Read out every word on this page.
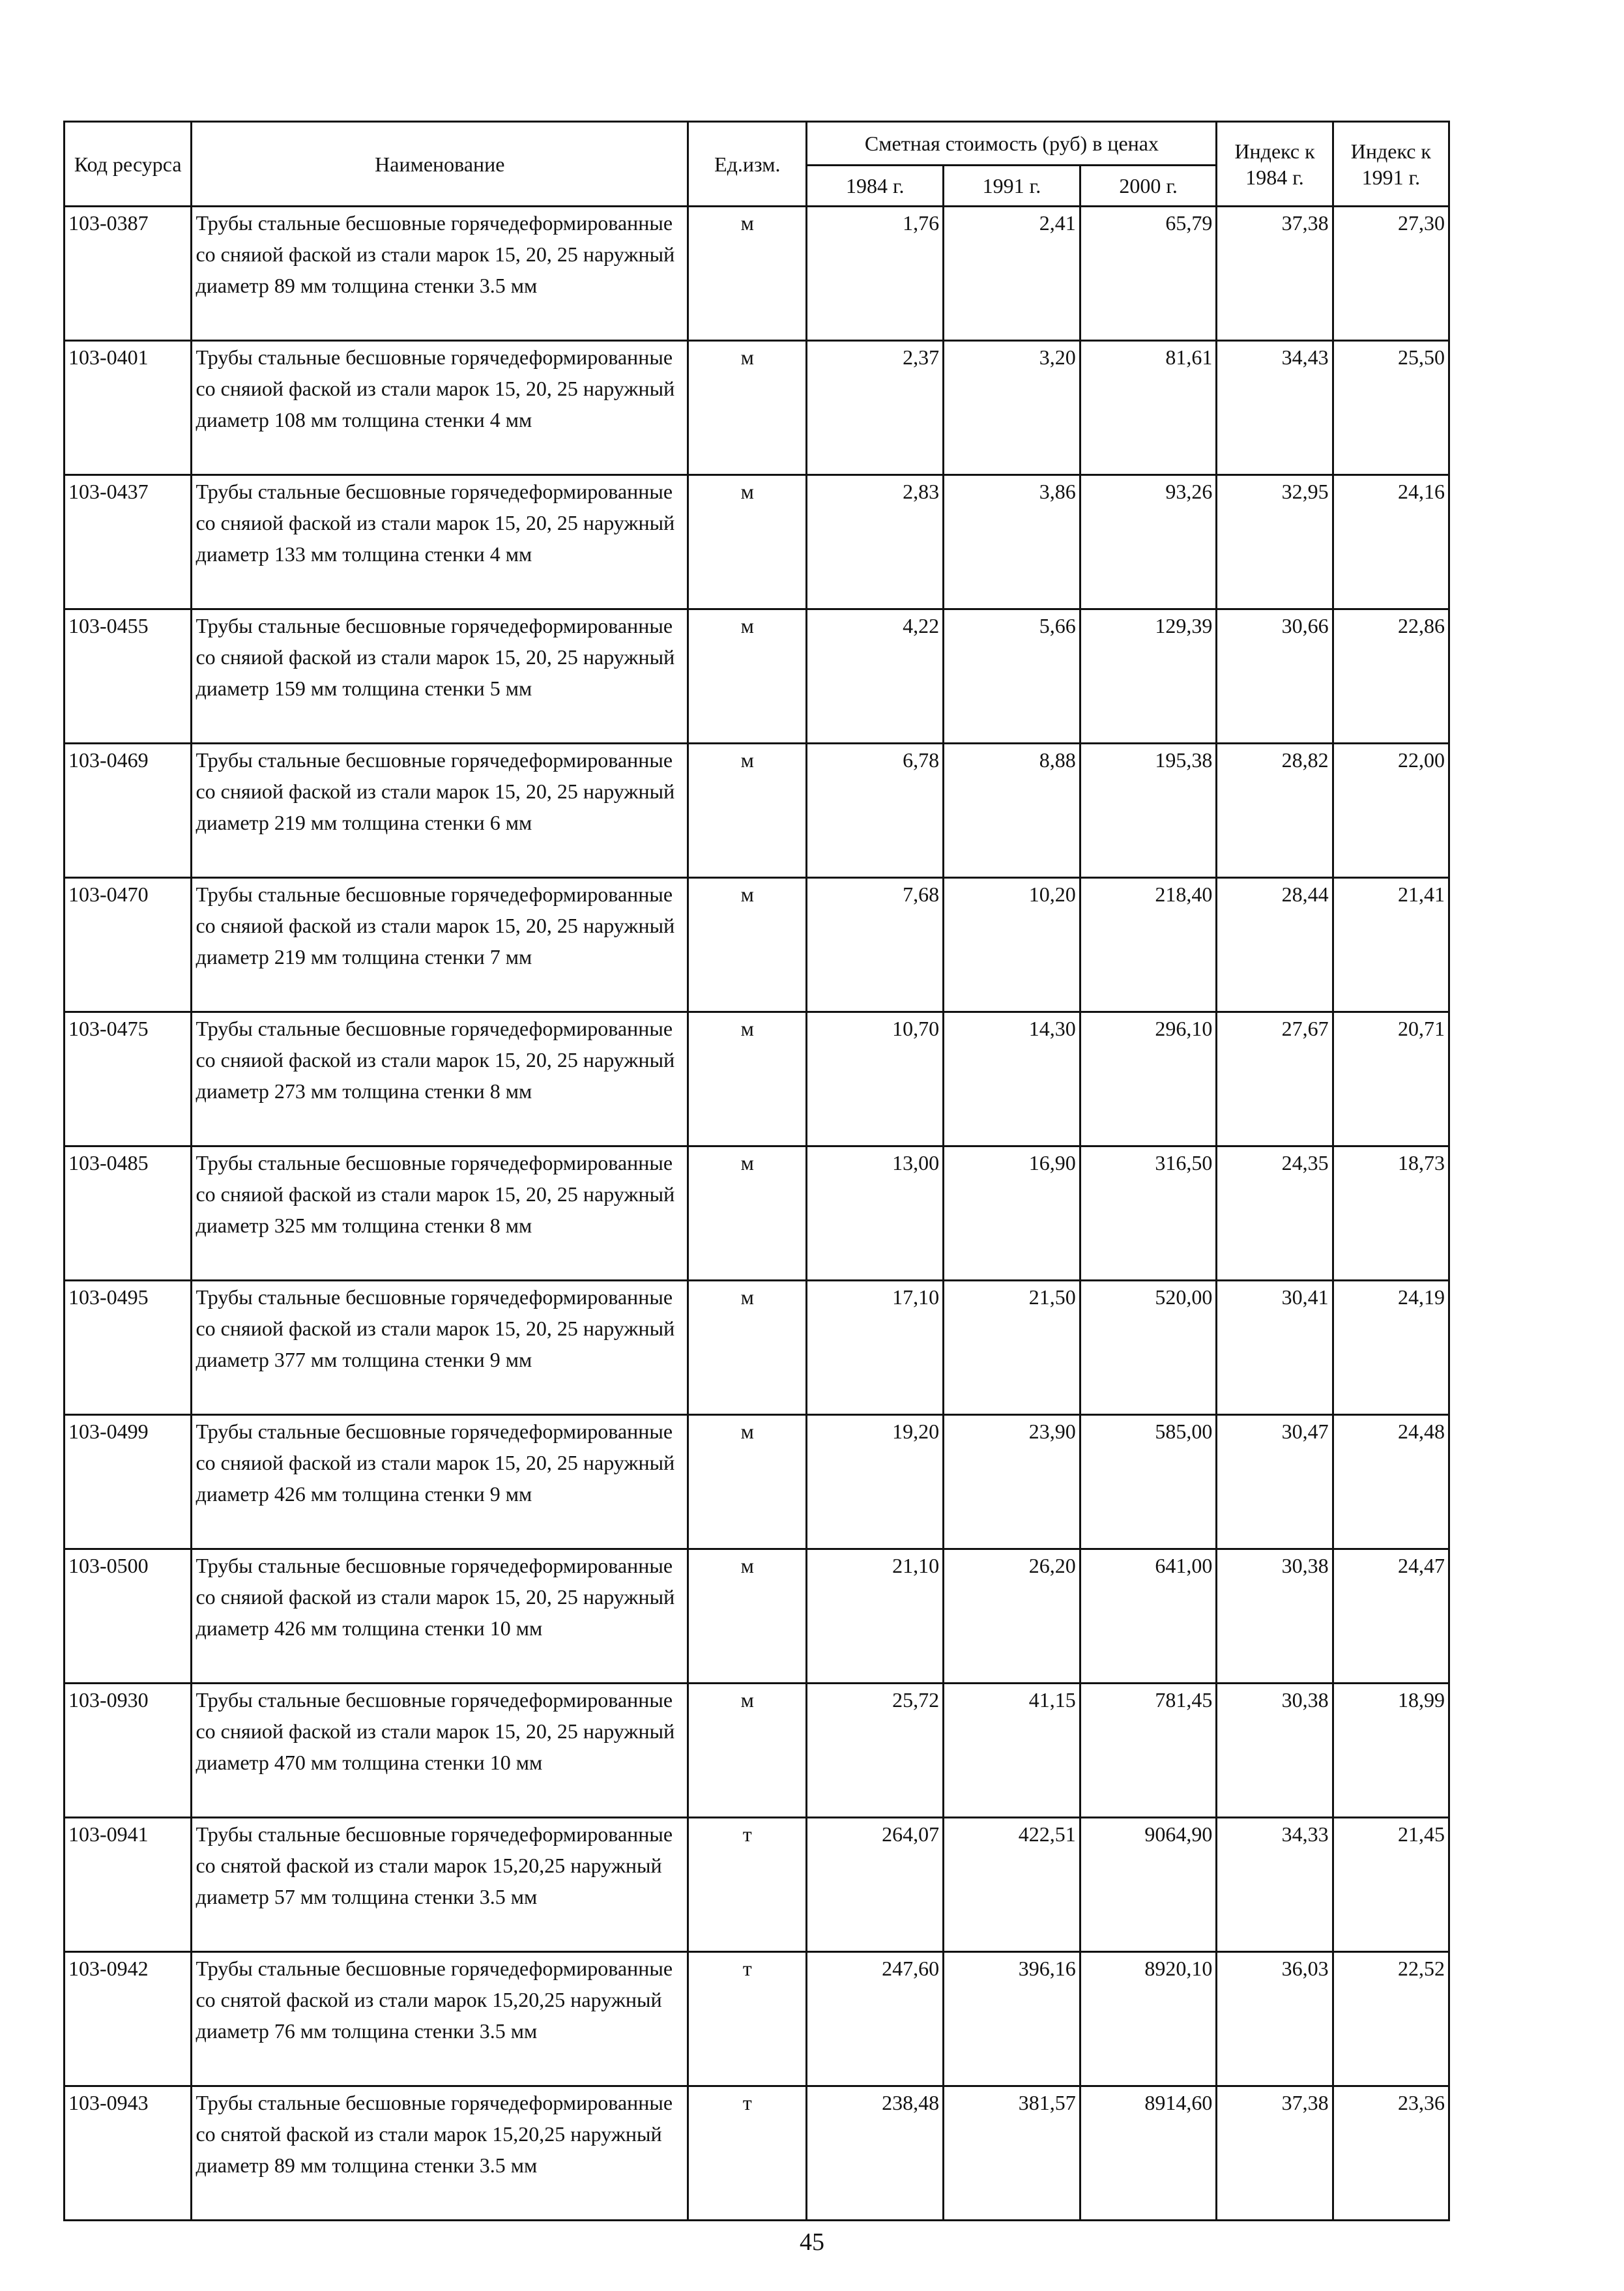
Код ресурса	Наименование	Ед.изм.	Сметная стоимость (руб) в ценах			Индекс к 1984 г.	Индекс к 1991 г.
			1984 г.	1991 г.	2000 г.		
103-0387	Трубы стальные бесшовные горячедеформированные со сняиой фаской из стали марок 15, 20, 25 наружный диаметр 89 мм толщина стенки 3.5 мм	м	1,76	2,41	65,79	37,38	27,30
103-0401	Трубы стальные бесшовные горячедеформированные со сняиой фаской из стали марок 15, 20, 25 наружный диаметр 108 мм толщина стенки 4 мм	м	2,37	3,20	81,61	34,43	25,50
103-0437	Трубы стальные бесшовные горячедеформированные со сняиой фаской из стали марок 15, 20, 25 наружный диаметр 133 мм толщина стенки 4 мм	м	2,83	3,86	93,26	32,95	24,16
103-0455	Трубы стальные бесшовные горячедеформированные со сняиой фаской из стали марок 15, 20, 25 наружный диаметр 159 мм толщина стенки 5 мм	м	4,22	5,66	129,39	30,66	22,86
103-0469	Трубы стальные бесшовные горячедеформированные со сняиой фаской из стали марок 15, 20, 25 наружный диаметр 219 мм толщина стенки 6 мм	м	6,78	8,88	195,38	28,82	22,00
103-0470	Трубы стальные бесшовные горячедеформированные со сняиой фаской из стали марок 15, 20, 25 наружный диаметр 219 мм толщина стенки 7 мм	м	7,68	10,20	218,40	28,44	21,41
103-0475	Трубы стальные бесшовные горячедеформированные со сняиой фаской из стали марок 15, 20, 25 наружный диаметр 273 мм толщина стенки 8 мм	м	10,70	14,30	296,10	27,67	20,71
103-0485	Трубы стальные бесшовные горячедеформированные со сняиой фаской из стали марок 15, 20, 25 наружный диаметр 325 мм толщина стенки 8 мм	м	13,00	16,90	316,50	24,35	18,73
103-0495	Трубы стальные бесшовные горячедеформированные со сняиой фаской из стали марок 15, 20, 25 наружный диаметр 377 мм толщина стенки 9 мм	м	17,10	21,50	520,00	30,41	24,19
103-0499	Трубы стальные бесшовные горячедеформированные со сняиой фаской из стали марок 15, 20, 25 наружный диаметр 426 мм толщина стенки 9 мм	м	19,20	23,90	585,00	30,47	24,48
103-0500	Трубы стальные бесшовные горячедеформированные со сняиой фаской из стали марок 15, 20, 25 наружный диаметр 426 мм толщина стенки 10 мм	м	21,10	26,20	641,00	30,38	24,47
103-0930	Трубы стальные бесшовные горячедеформированные со сняиой фаской из стали марок 15, 20, 25 наружный диаметр 470 мм толщина стенки 10 мм	м	25,72	41,15	781,45	30,38	18,99
103-0941	Трубы стальные бесшовные горячедеформированные со снятой фаской из стали марок 15,20,25 наружный диаметр 57 мм толщина стенки 3.5 мм	т	264,07	422,51	9064,90	34,33	21,45
103-0942	Трубы стальные бесшовные горячедеформированные со снятой фаской из стали марок 15,20,25 наружный диаметр 76 мм толщина стенки 3.5 мм	т	247,60	396,16	8920,10	36,03	22,52
103-0943	Трубы стальные бесшовные горячедеформированные со снятой фаской из стали марок 15,20,25 наружный диаметр 89 мм толщина стенки 3.5 мм	т	238,48	381,57	8914,60	37,38	23,36
45
